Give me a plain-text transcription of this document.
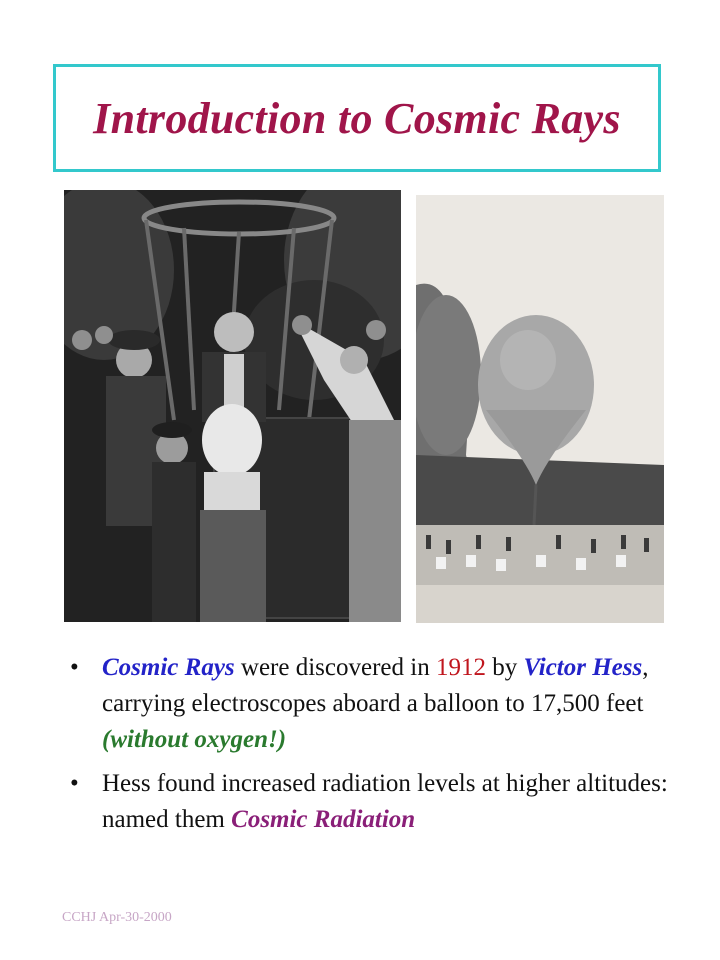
Introduction to Cosmic Rays
• Cosmic Rays were discovered in 1912 by Victor Hess, carrying electroscopes aboard a balloon to 17,500 feet (without oxygen!)
• Hess found increased radiation levels at higher altitudes: named them Cosmic Radiation
CCHJ Apr-30-2000
